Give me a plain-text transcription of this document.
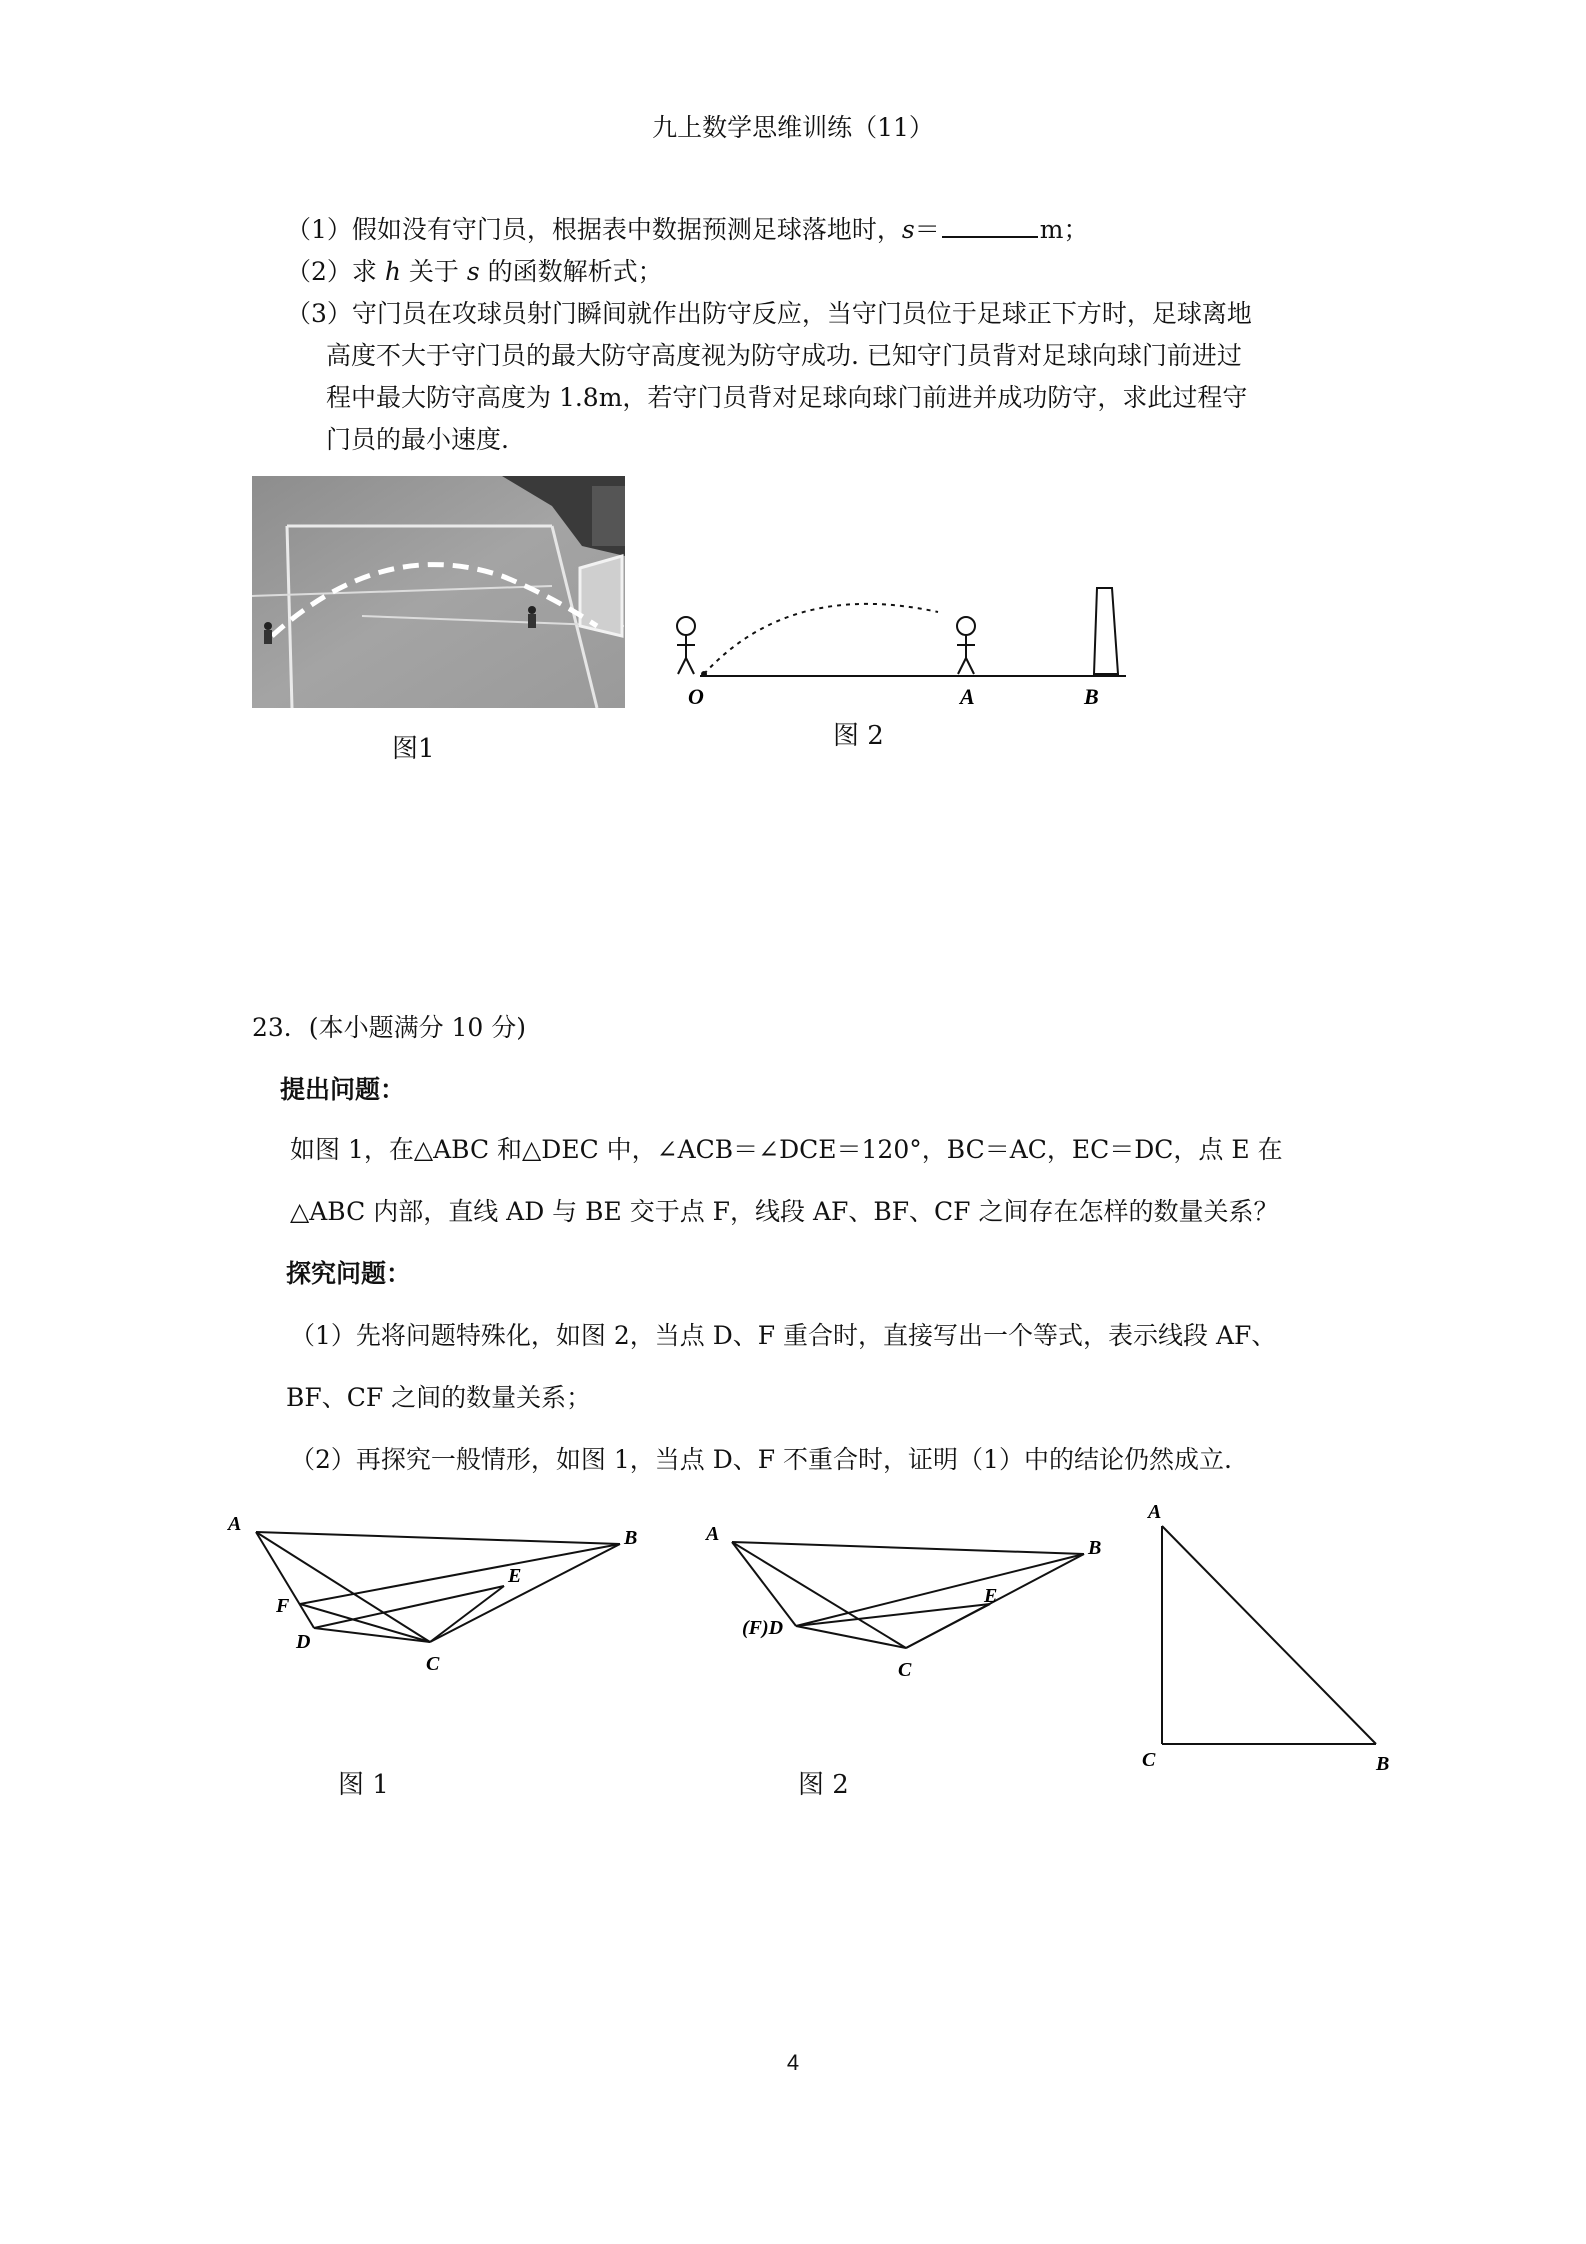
九上数学思维训练（11）
（1）假如没有守门员，根据表中数据预测足球落地时，s＝	m；
（2）求 h 关于 s 的函数解析式；
（3）守门员在攻球员射门瞬间就作出防守反应，当守门员位于足球正下方时，足球离地
高度不大于守门员的最大防守高度视为防守成功. 已知守门员背对足球向球门前进过
程中最大防守高度为 1.8m，若守门员背对足球向球门前进并成功防守，求此过程守
门员的最小速度.
图1
O	A	B
图 2
23．(本小题满分 10 分)
提出问题：
如图 1，在△ABC 和△DEC 中，∠ACB＝∠DCE＝120°，BC＝AC，EC＝DC，点 E 在
△ABC 内部，直线 AD 与 BE 交于点 F，线段 AF、BF、CF 之间存在怎样的数量关系？
探究问题：
（1）先将问题特殊化，如图 2，当点 D、F 重合时，直接写出一个等式，表示线段 AF、
BF、CF 之间的数量关系；
（2）再探究一般情形，如图 1，当点 D、F 不重合时，证明（1）中的结论仍然成立.
A
B
C
D
E
F
图 1
A
B
C
(F)D
E
图 2
A
C	B
4
